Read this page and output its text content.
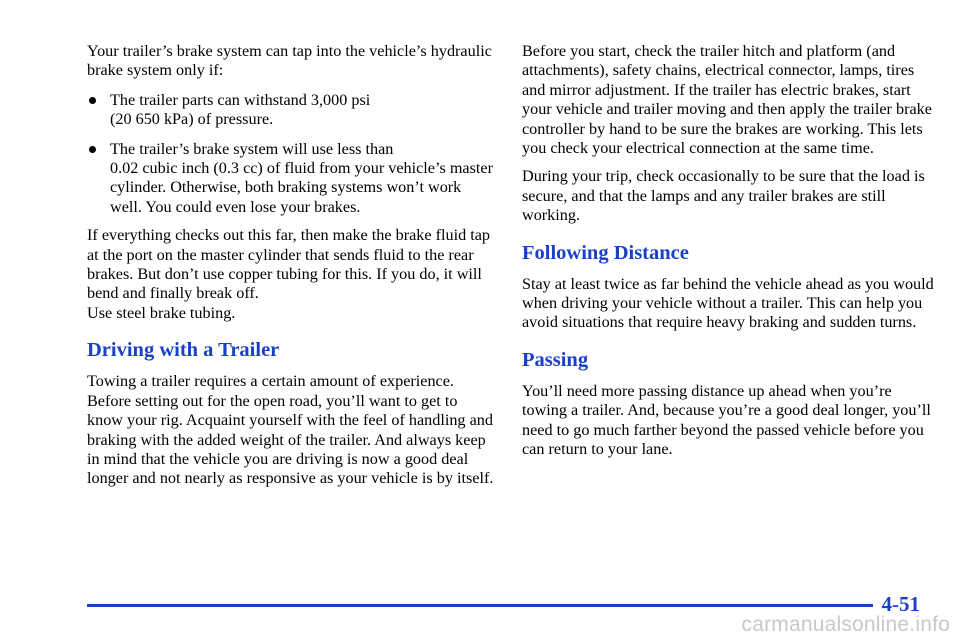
Your trailer’s brake system can tap into the vehicle’s hydraulic brake system only if:

The trailer parts can withstand 3,000 psi
(20 650 kPa) of pressure.
The trailer’s brake system will use less than
0.02 cubic inch (0.3 cc) of fluid from your vehicle’s master cylinder. Otherwise, both braking systems won’t work well. You could even lose your brakes.

If everything checks out this far, then make the brake fluid tap at the port on the master cylinder that sends fluid to the rear brakes. But don’t use copper tubing for this. If you do, it will bend and finally break off.
Use steel brake tubing.

Driving with a Trailer

Towing a trailer requires a certain amount of experience. Before setting out for the open road, you’ll want to get to know your rig. Acquaint yourself with the feel of handling and braking with the added weight of the trailer. And always keep in mind that the vehicle you are driving is now a good deal longer and not nearly as responsive as your vehicle is by itself.

Before you start, check the trailer hitch and platform (and attachments), safety chains, electrical connector, lamps, tires and mirror adjustment. If the trailer has electric brakes, start your vehicle and trailer moving and then apply the trailer brake controller by hand to be sure the brakes are working. This lets you check your electrical connection at the same time.

During your trip, check occasionally to be sure that the load is secure, and that the lamps and any trailer brakes are still working.

Following Distance

Stay at least twice as far behind the vehicle ahead as you would when driving your vehicle without a trailer. This can help you avoid situations that require heavy braking and sudden turns.

Passing

You’ll need more passing distance up ahead when you’re towing a trailer. And, because you’re a good deal longer, you’ll need to go much farther beyond the passed vehicle before you can return to your lane.

4-51
carmanualsonline.info
